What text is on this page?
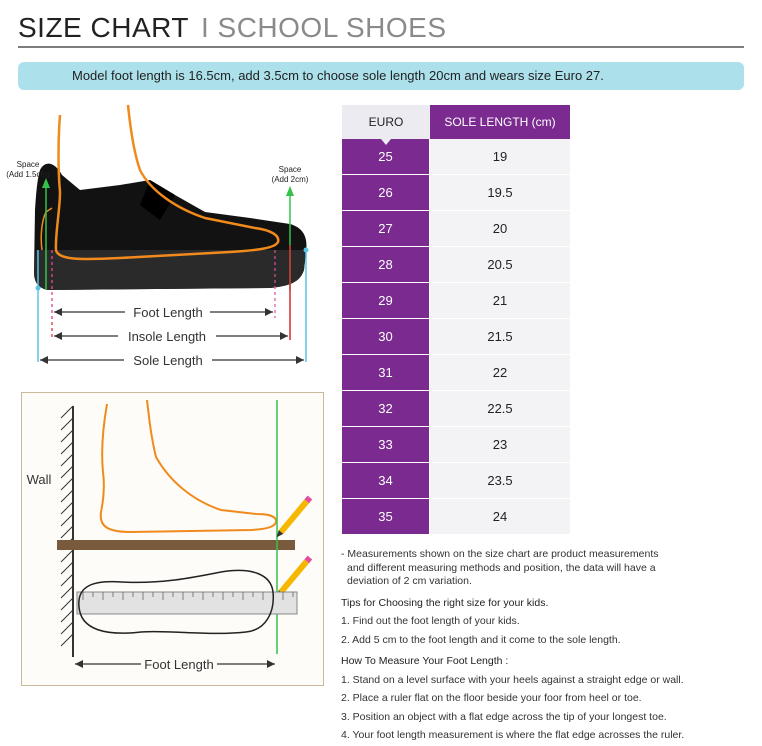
SIZE CHART I SCHOOL SHOES
Model foot length is 16.5cm, add 3.5cm to choose sole length 20cm and wears size Euro 27.
Space
(Add 1.5cm)
Space
(Add 2cm)
Foot Length
Insole Length
Sole Length
Wall
Foot Length
EURO	SOLE LENGTH (cm)
25	19
26	19.5
27	20
28	20.5
29	21
30	21.5
31	22
32	22.5
33	23
34	23.5
35	24

- Measurements shown on the size chart are product measurements

and different measuring methods and position, the data will have a

deviation of 2 cm variation.

Tips for Choosing the right size for your kids.

1. Find out the foot length of your kids.

2. Add 5 cm to the foot length and it come to the sole length.

How To Measure Your Foot Length :

1. Stand on a level surface with your heels against a straight edge or wall.

2. Place a ruler flat on the floor beside your foor from heel or toe.

3. Position an object with a flat edge across the tip of your longest toe.

4. Your foot length measurement is where the flat edge acrosses the ruler.
